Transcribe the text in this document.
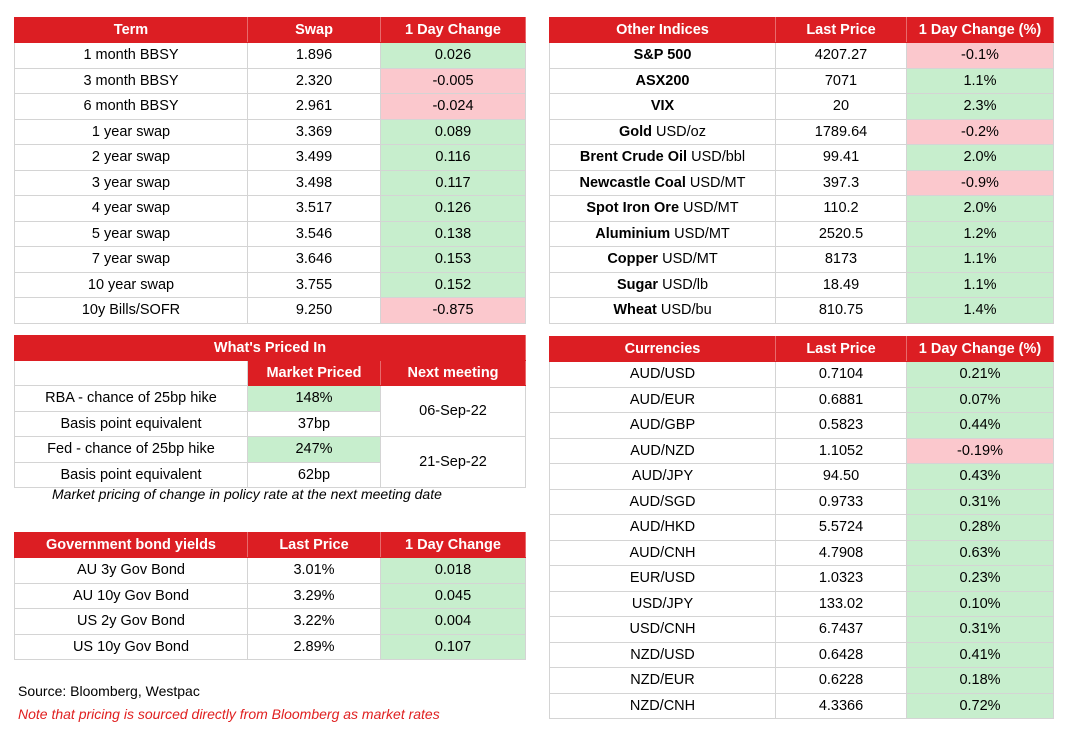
Term	Swap	1 Day Change
1 month BBSY	1.896	0.026
3 month BBSY	2.320	-0.005
6 month BBSY	2.961	-0.024
1 year swap	3.369	0.089
2 year swap	3.499	0.116
3 year swap	3.498	0.117
4 year swap	3.517	0.126
5 year swap	3.546	0.138
7 year swap	3.646	0.153
10 year swap	3.755	0.152
10y Bills/SOFR	9.250	-0.875
What's Priced In		
	Market Priced	Next meeting
RBA - chance of 25bp hike	148%	06-Sep-22
Basis point equivalent	37bp	
Fed - chance of 25bp hike	247%	21-Sep-22
Basis point equivalent	62bp	
Market pricing of change in policy rate at the next meeting date
Government bond yields	Last Price	1 Day Change
AU 3y Gov Bond	3.01%	0.018
AU 10y Gov Bond	3.29%	0.045
US 2y Gov Bond	3.22%	0.004
US 10y Gov Bond	2.89%	0.107
Source: Bloomberg, Westpac
Note that pricing is sourced directly from Bloomberg as market rates
Other Indices	Last Price	1 Day Change (%)
S&P 500	4207.27	-0.1%
ASX200	7071	1.1%
VIX	20	2.3%
Gold USD/oz	1789.64	-0.2%
Brent Crude Oil USD/bbl	99.41	2.0%
Newcastle Coal USD/MT	397.3	-0.9%
Spot Iron Ore USD/MT	110.2	2.0%
Aluminium USD/MT	2520.5	1.2%
Copper USD/MT	8173	1.1%
Sugar USD/lb	18.49	1.1%
Wheat USD/bu	810.75	1.4%
Currencies	Last Price	1 Day Change (%)
AUD/USD	0.7104	0.21%
AUD/EUR	0.6881	0.07%
AUD/GBP	0.5823	0.44%
AUD/NZD	1.1052	-0.19%
AUD/JPY	94.50	0.43%
AUD/SGD	0.9733	0.31%
AUD/HKD	5.5724	0.28%
AUD/CNH	4.7908	0.63%
EUR/USD	1.0323	0.23%
USD/JPY	133.02	0.10%
USD/CNH	6.7437	0.31%
NZD/USD	0.6428	0.41%
NZD/EUR	0.6228	0.18%
NZD/CNH	4.3366	0.72%
